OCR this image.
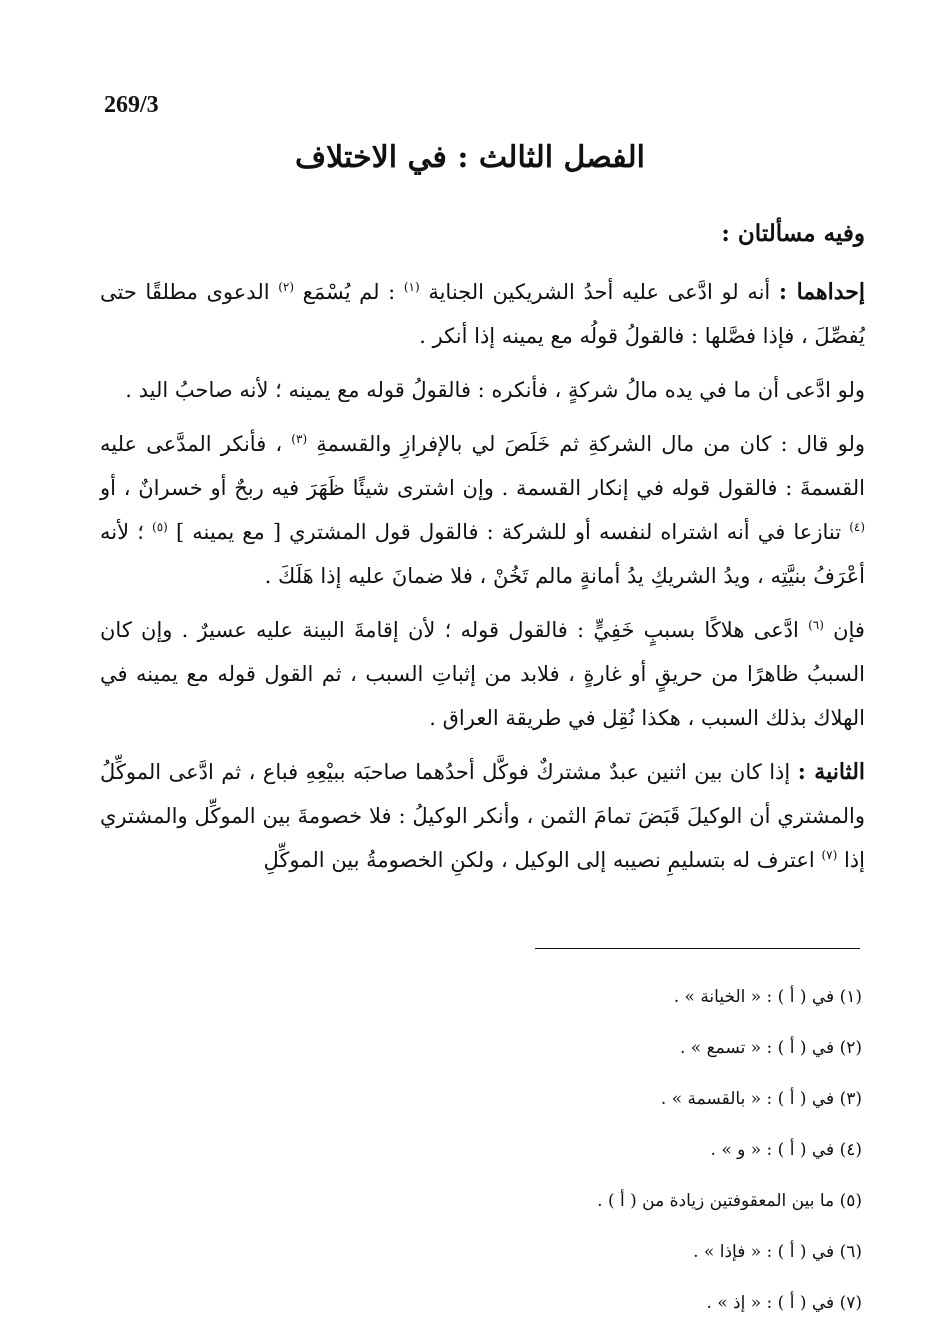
269/3
الفصل الثالث : في الاختلاف

وفيه مسألتان :

إحداهما : أنه لو ادَّعى عليه أحدُ الشريكين الجناية $^{(١)}$ : لم يُسْمَع $^{(٢)}$ الدعوى مطلقًا حتى يُفصِّلَ ، فإذا فصَّلها : فالقولُ قولُه مع يمينه إذا أنكر .

ولو ادَّعى أن ما في يده مالُ شركةٍ ، فأنكره : فالقولُ قوله مع يمينه ؛ لأنه صاحبُ اليد .

ولو قال : كان من مال الشركةِ ثم خَلَصَ لي بالإفرازِ والقسمةِ $^{(٣)}$ ، فأنكر المدَّعى عليه القسمةَ : فالقول قوله في إنكار القسمة . وإن اشترى شيئًا ظَهَرَ فيه ربحٌ أو خسرانٌ ، أو $^{(٤)}$ تنازعا في أنه اشتراه لنفسه أو للشركة : فالقول قول المشتري [ مع يمينه ] $^{(٥)}$ ؛ لأنه أعْرَفُ بنيَّتِه ، ويدُ الشريكِ يدُ أمانةٍ مالم تَخُنْ ، فلا ضمانَ عليه إذا هَلَكَ .

فإن $^{(٦)}$ ادَّعى هلاكًا بسببٍ خَفِيٍّ : فالقول قوله ؛ لأن إقامةَ البينة عليه عسيرٌ . وإن كان السببُ ظاهرًا من حريقٍ أو غارةٍ ، فلابد من إثباتِ السبب ، ثم القول قوله مع يمينه في الهلاك بذلك السبب ، هكذا نُقِل في طريقة العراق .

الثانية : إذا كان بين اثنين عبدٌ مشتركٌ فوكَّل أحدُهما صاحبَه ببيْعِهِ فباع ، ثم ادَّعى الموكِّلُ والمشتري أن الوكيلَ قَبَضَ تمامَ الثمن ، وأنكر الوكيلُ : فلا خصومةَ بين الموكِّل والمشتري إذا $^{(٧)}$ اعترف له بتسليمِ نصيبه إلى الوكيل ، ولكنِ الخصومةُ بين الموكِّلِ

(١) في ( أ ) : « الخيانة » .
(٢) في ( أ ) : « تسمع » .
(٣) في ( أ ) : « بالقسمة » .
(٤) في ( أ ) : « و » .
(٥) ما بين المعقوفتين زيادة من ( أ ) .
(٦) في ( أ ) : « فإذا » .
(٧) في ( أ ) : « إذ » .
